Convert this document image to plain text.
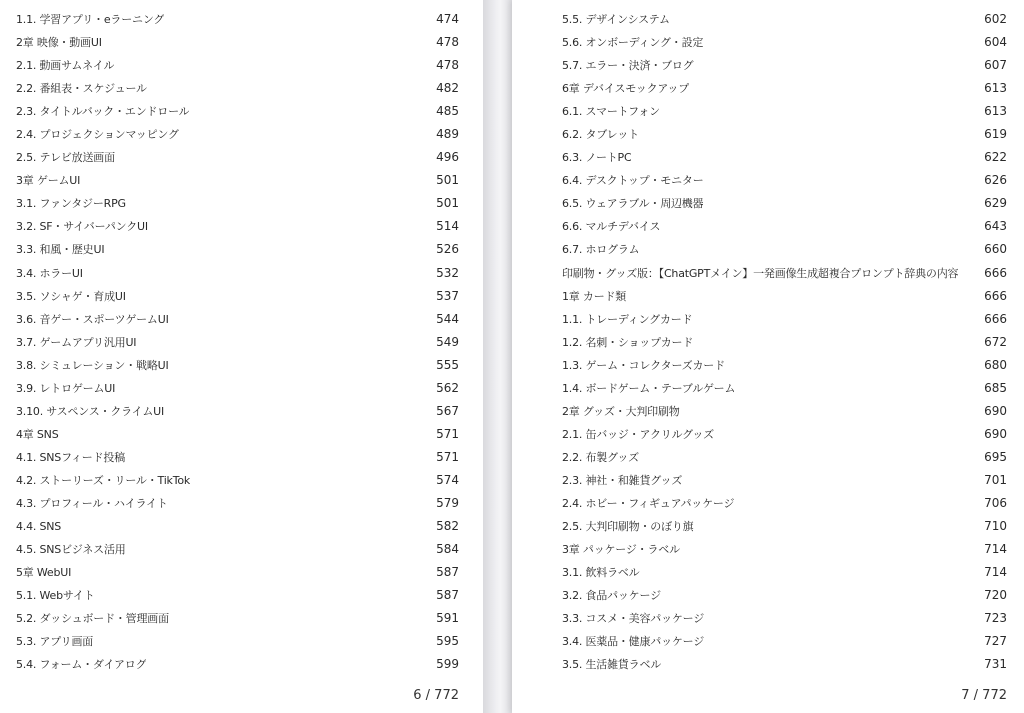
1.1. 学習アプリ・eラーニング	474
2章 映像・動画UI	478
2.1. 動画サムネイル	478
2.2. 番組表・スケジュール	482
2.3. タイトルバック・エンドロール	485
2.4. プロジェクションマッピング	489
2.5. テレビ放送画面	496
3章 ゲームUI	501
3.1. ファンタジーRPG	501
3.2. SF・サイバーパンクUI	514
3.3. 和風・歴史UI	526
3.4. ホラーUI	532
3.5. ソシャゲ・育成UI	537
3.6. 音ゲー・スポーツゲームUI	544
3.7. ゲームアプリ汎用UI	549
3.8. シミュレーション・戦略UI	555
3.9. レトロゲームUI	562
3.10. サスペンス・クライムUI	567
4章 SNS	571
4.1. SNSフィード投稿	571
4.2. ストーリーズ・リール・TikTok	574
4.3. プロフィール・ハイライト	579
4.4. SNS	582
4.5. SNSビジネス活用	584
5章 WebUI	587
5.1. Webサイト	587
5.2. ダッシュボード・管理画面	591
5.3. アプリ画面	595
5.4. フォーム・ダイアログ	599
6 / 772
5.5. デザインシステム	602
5.6. オンボーディング・設定	604
5.7. エラー・決済・ブログ	607
6章 デバイスモックアップ	613
6.1. スマートフォン	613
6.2. タブレット	619
6.3. ノートPC	622
6.4. デスクトップ・モニター	626
6.5. ウェアラブル・周辺機器	629
6.6. マルチデバイス	643
6.7. ホログラム	660
印刷物・グッズ版：【ChatGPTメイン】一発画像生成超複合プロンプト辞典の内容	666
1章 カード類	666
1.1. トレーディングカード	666
1.2. 名刺・ショップカード	672
1.3. ゲーム・コレクターズカード	680
1.4. ボードゲーム・テーブルゲーム	685
2章 グッズ・大判印刷物	690
2.1. 缶バッジ・アクリルグッズ	690
2.2. 布製グッズ	695
2.3. 神社・和雑貨グッズ	701
2.4. ホビー・フィギュアパッケージ	706
2.5. 大判印刷物・のぼり旗	710
3章 パッケージ・ラベル	714
3.1. 飲料ラベル	714
3.2. 食品パッケージ	720
3.3. コスメ・美容パッケージ	723
3.4. 医薬品・健康パッケージ	727
3.5. 生活雑貨ラベル	731
7 / 772
